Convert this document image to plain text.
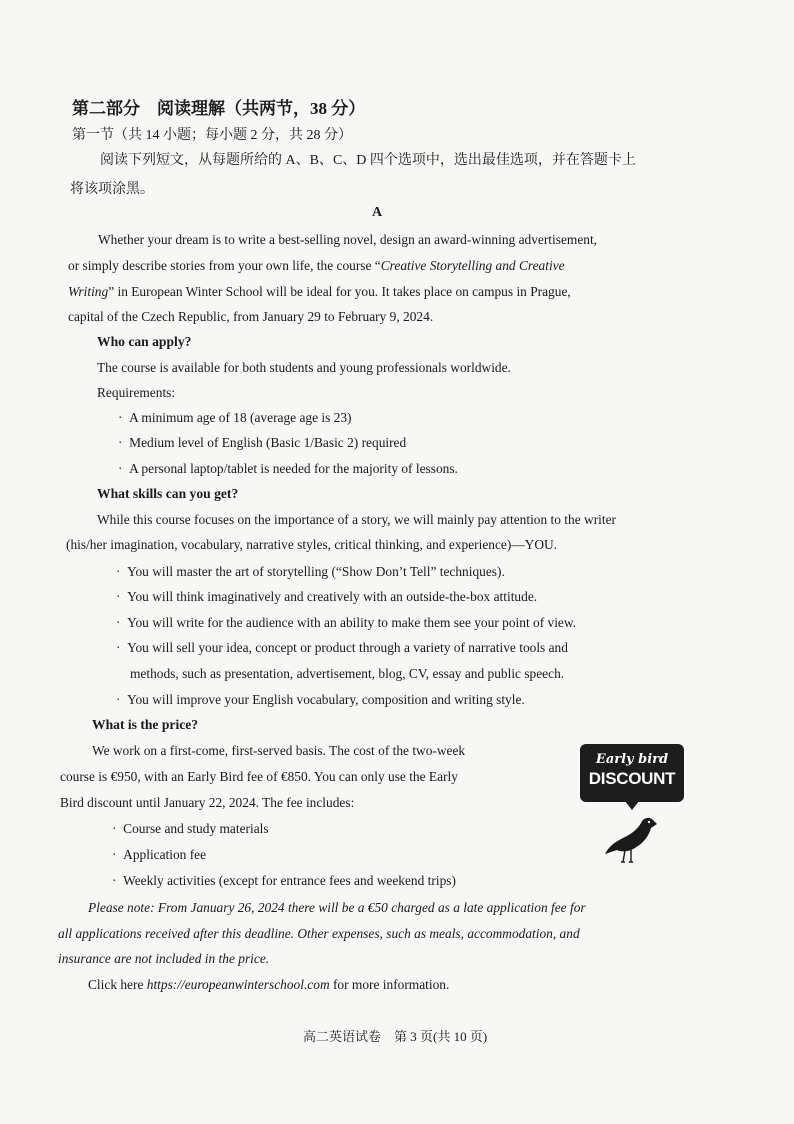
第二部分　阅读理解（共两节，38 分）
第一节（共 14 小题；每小题 2 分，共 28 分）
阅读下列短文，从每题所给的 A、B、C、D 四个选项中，选出最佳选项，并在答题卡上
将该项涂黑。
A
Whether your dream is to write a best-selling novel, design an award-winning advertisement,
or simply describe stories from your own life, the course “Creative Storytelling and Creative
Writing” in European Winter School will be ideal for you. It takes place on campus in Prague,
capital of the Czech Republic, from January 29 to February 9, 2024.
Who can apply?
The course is available for both students and young professionals worldwide.
Requirements:
·  A minimum age of 18 (average age is 23)
·  Medium level of English (Basic 1/Basic 2) required
·  A personal laptop/tablet is needed for the majority of lessons.
What skills can you get?
While this course focuses on the importance of a story, we will mainly pay attention to the writer
(his/her imagination, vocabulary, narrative styles, critical thinking, and experience)—YOU.
·  You will master the art of storytelling (“Show Don’t Tell” techniques).
·  You will think imaginatively and creatively with an outside-the-box attitude.
·  You will write for the audience with an ability to make them see your point of view.
·  You will sell your idea, concept or product through a variety of narrative tools and
methods, such as presentation, advertisement, blog, CV, essay and public speech.
·  You will improve your English vocabulary, composition and writing style.
What is the price?
We work on a first-come, first-served basis. The cost of the two-week
course is €950, with an Early Bird fee of €850. You can only use the Early
Bird discount until January 22, 2024. The fee includes:
·  Course and study materials
·  Application fee
·  Weekly activities (except for entrance fees and weekend trips)
Early bird
DISCOUNT
Please note: From January 26, 2024 there will be a €50 charged as a late application fee for
all applications received after this deadline. Other expenses, such as meals, accommodation, and
insurance are not included in the price.
Click here https://europeanwinterschool.com for more information.
高二英语试卷　第 3 页(共 10 页)
